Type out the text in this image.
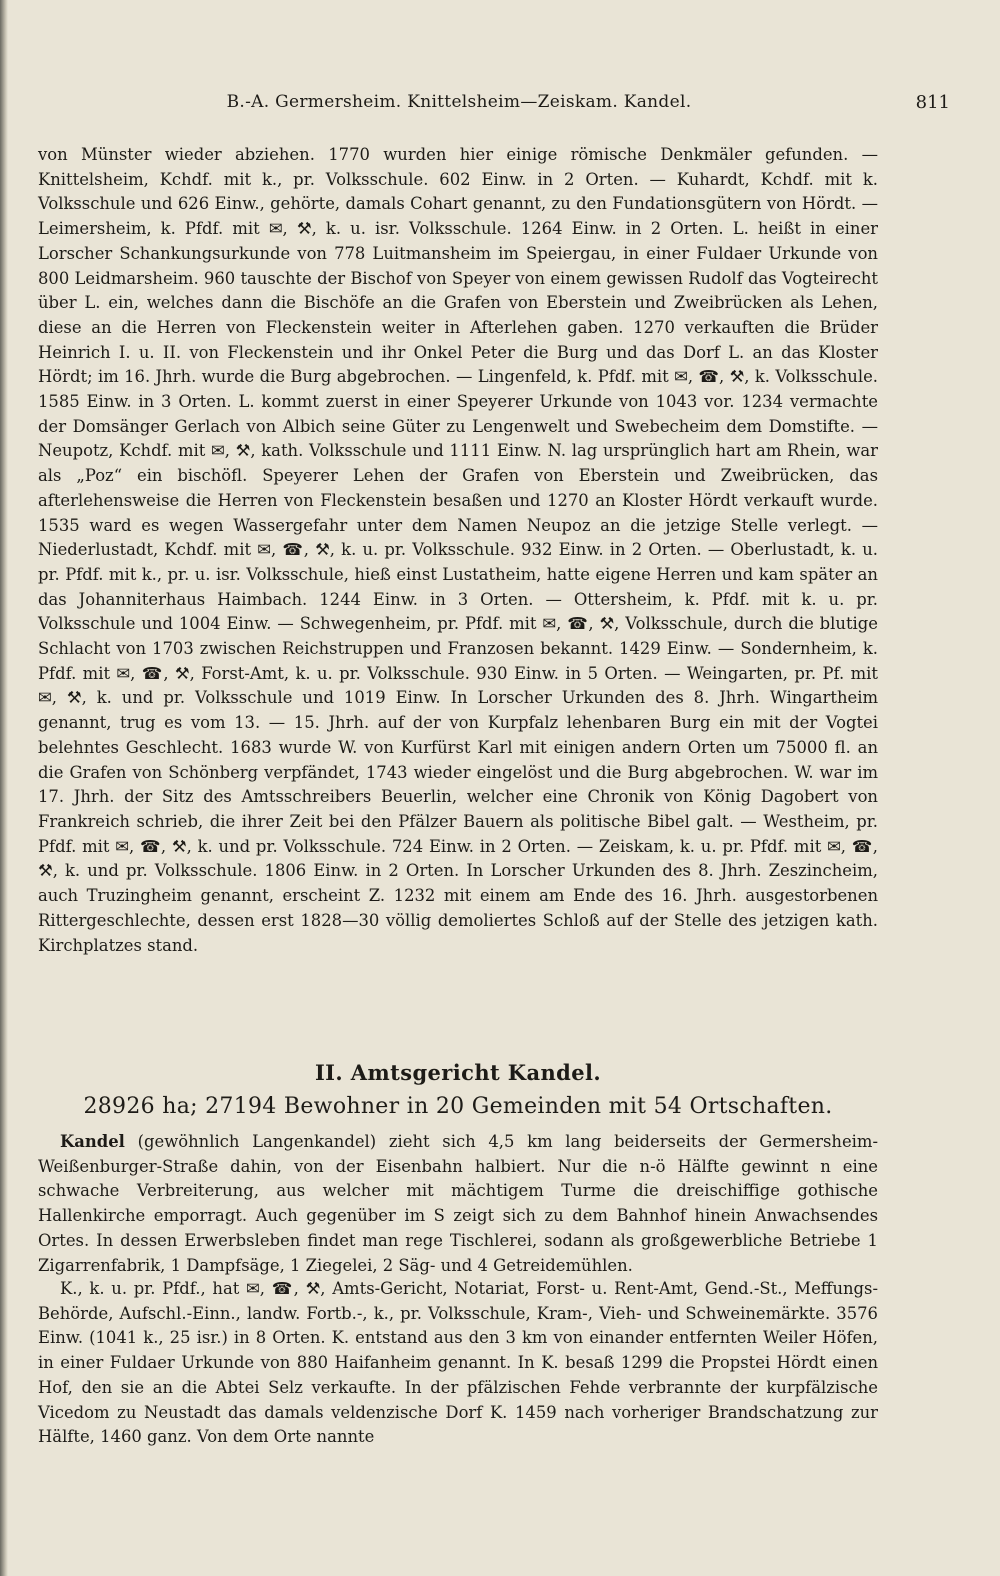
B.-A. Germersheim. Knittelsheim—Zeiskam. Kandel.	811

von Münster wieder abziehen. 1770 wurden hier einige römische Denkmäler gefunden. — Knittelsheim, Kchdf. mit k., pr. Volksschule. 602 Einw. in 2 Orten. — Kuhardt, Kchdf. mit k. Volksschule und 626 Einw., gehörte, damals Cohart genannt, zu den Fundationsgütern von Hördt. — Leimersheim, k. Pfdf. mit ✉, ⚒, k. u. isr. Volksschule. 1264 Einw. in 2 Orten. L. heißt in einer Lorscher Schankungsurkunde von 778 Luitmansheim im Speiergau, in einer Fuldaer Urkunde von 800 Leidmarsheim. 960 tauschte der Bischof von Speyer von einem gewissen Rudolf das Vogteirecht über L. ein, welches dann die Bischöfe an die Grafen von Eberstein und Zweibrücken als Lehen, diese an die Herren von Fleckenstein weiter in Afterlehen gaben. 1270 verkauften die Brüder Heinrich I. u. II. von Fleckenstein und ihr Onkel Peter die Burg und das Dorf L. an das Kloster Hördt; im 16. Jhrh. wurde die Burg abgebrochen. — Lingenfeld, k. Pfdf. mit ✉, ☎, ⚒, k. Volksschule. 1585 Einw. in 3 Orten. L. kommt zuerst in einer Speyerer Urkunde von 1043 vor. 1234 vermachte der Domsänger Gerlach von Albich seine Güter zu Lengenwelt und Swebecheim dem Domstifte. — Neupotz, Kchdf. mit ✉, ⚒, kath. Volksschule und 1111 Einw. N. lag ursprünglich hart am Rhein, war als „Poz“ ein bischöfl. Speyerer Lehen der Grafen von Eberstein und Zweibrücken, das afterlehensweise die Herren von Fleckenstein besaßen und 1270 an Kloster Hördt verkauft wurde. 1535 ward es wegen Wassergefahr unter dem Namen Neupoz an die jetzige Stelle verlegt. — Niederlustadt, Kchdf. mit ✉, ☎, ⚒, k. u. pr. Volksschule. 932 Einw. in 2 Orten. — Oberlustadt, k. u. pr. Pfdf. mit k., pr. u. isr. Volksschule, hieß einst Lustatheim, hatte eigene Herren und kam später an das Johanniterhaus Haimbach. 1244 Einw. in 3 Orten. — Ottersheim, k. Pfdf. mit k. u. pr. Volksschule und 1004 Einw. — Schwegenheim, pr. Pfdf. mit ✉, ☎, ⚒, Volksschule, durch die blutige Schlacht von 1703 zwischen Reichstruppen und Franzosen bekannt. 1429 Einw. — Sondernheim, k. Pfdf. mit ✉, ☎, ⚒, Forst-Amt, k. u. pr. Volksschule. 930 Einw. in 5 Orten. — Weingarten, pr. Pf. mit ✉, ⚒, k. und pr. Volksschule und 1019 Einw. In Lorscher Urkunden des 8. Jhrh. Wingartheim genannt, trug es vom 13. — 15. Jhrh. auf der von Kurpfalz lehenbaren Burg ein mit der Vogtei belehntes Geschlecht. 1683 wurde W. von Kurfürst Karl mit einigen andern Orten um 75000 fl. an die Grafen von Schönberg verpfändet, 1743 wieder eingelöst und die Burg abgebrochen. W. war im 17. Jhrh. der Sitz des Amtsschreibers Beuerlin, welcher eine Chronik von König Dagobert von Frankreich schrieb, die ihrer Zeit bei den Pfälzer Bauern als politische Bibel galt. — Westheim, pr. Pfdf. mit ✉, ☎, ⚒, k. und pr. Volksschule. 724 Einw. in 2 Orten. — Zeiskam, k. u. pr. Pfdf. mit ✉, ☎, ⚒, k. und pr. Volksschule. 1806 Einw. in 2 Orten. In Lorscher Urkunden des 8. Jhrh. Zeszincheim, auch Truzingheim genannt, erscheint Z. 1232 mit einem am Ende des 16. Jhrh. ausgestorbenen Rittergeschlechte, dessen erst 1828—30 völlig demoliertes Schloß auf der Stelle des jetzigen kath. Kirchplatzes stand.

II. Amtsgericht Kandel.
28926 ha; 27194 Bewohner in 20 Gemeinden mit 54 Ortschaften.

Kandel (gewöhnlich Langenkandel) zieht sich 4,5 km lang beiderseits der Germersheim-Weißenburger-Straße dahin, von der Eisenbahn halbiert. Nur die n-ö Hälfte gewinnt n eine schwache Verbreiterung, aus welcher mit mächtigem Turme die dreischiffige gothische Hallenkirche emporragt. Auch gegenüber im S zeigt sich zu dem Bahnhof hinein Anwachsendes Ortes. In dessen Erwerbsleben findet man rege Tischlerei, sodann als großgewerbliche Betriebe 1 Zigarrenfabrik, 1 Dampfsäge, 1 Ziegelei, 2 Säg- und 4 Getreidemühlen.

K., k. u. pr. Pfdf., hat ✉, ☎, ⚒, Amts-Gericht, Notariat, Forst- u. Rent-Amt, Gend.-St., Meffungs-Behörde, Aufschl.-Einn., landw. Fortb.-, k., pr. Volksschule, Kram-, Vieh- und Schweinemärkte. 3576 Einw. (1041 k., 25 isr.) in 8 Orten. K. entstand aus den 3 km von einander entfernten Weiler Höfen, in einer Fuldaer Urkunde von 880 Haifanheim genannt. In K. besaß 1299 die Propstei Hördt einen Hof, den sie an die Abtei Selz verkaufte. In der pfälzischen Fehde verbrannte der kurpfälzische Vicedom zu Neustadt das damals veldenzische Dorf K. 1459 nach vorheriger Brandschatzung zur Hälfte, 1460 ganz. Von dem Orte nannte
